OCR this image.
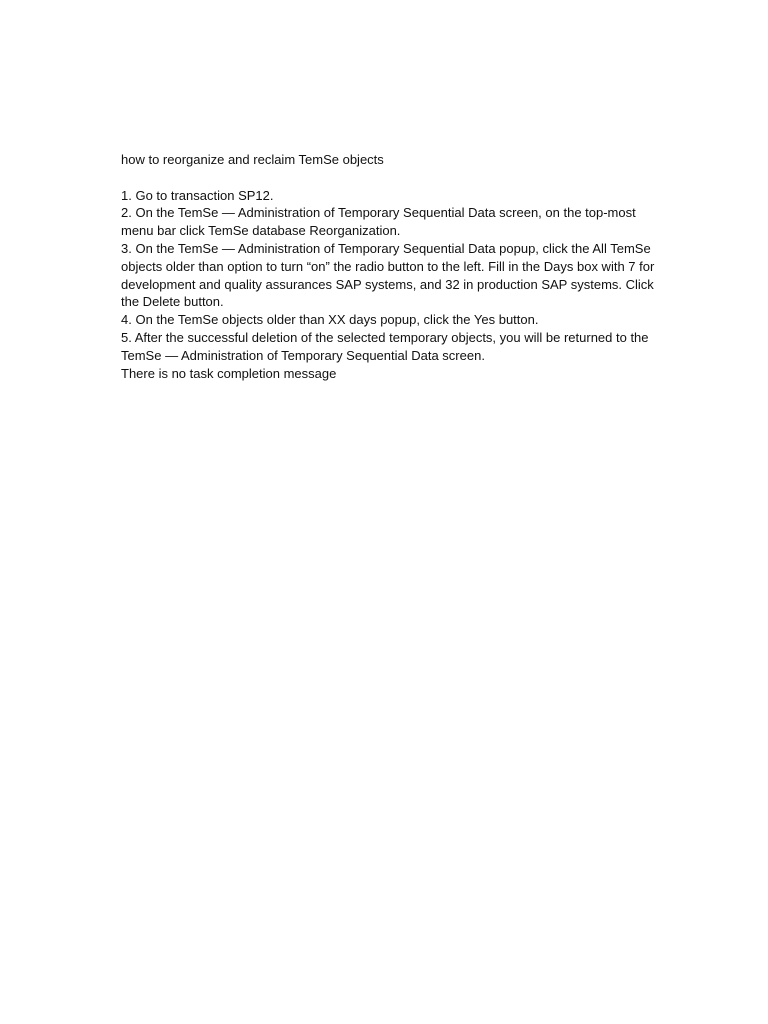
how to reorganize and reclaim TemSe objects

1. Go to transaction SP12.

2. On the TemSe — Administration of Temporary Sequential Data screen, on the top-most menu bar click TemSe database Reorganization.

3. On the TemSe — Administration of Temporary Sequential Data popup, click the All TemSe objects older than option to turn “on” the radio button to the left. Fill in the Days box with 7 for development and quality assurances SAP systems, and 32 in production SAP systems. Click the Delete button.

4. On the TemSe objects older than XX days popup, click the Yes button.

5. After the successful deletion of the selected temporary objects, you will be returned to the TemSe — Administration of Temporary Sequential Data screen.

There is no task completion message
